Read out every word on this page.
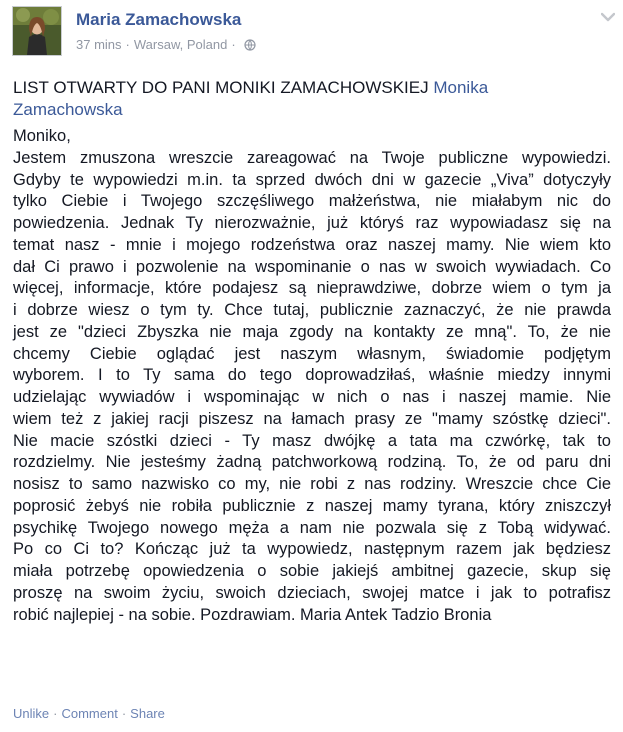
Maria Zamachowska
37 mins · Warsaw, Poland ·
LIST OTWARTY DO PANI MONIKI ZAMACHOWSKIEJ Monika
Zamachowska
Moniko,
Jestem zmuszona wreszcie zareagować na Twoje publiczne wypowiedzi.
Gdyby te wypowiedzi m.in. ta sprzed dwóch dni w gazecie „Viva” dotyczyły
tylko Ciebie i Twojego szczęśliwego małżeństwa, nie miałabym nic do
powiedzenia. Jednak Ty nierozważnie, już któryś raz wypowiadasz się na
temat nasz - mnie i mojego rodzeństwa oraz naszej mamy. Nie wiem kto
dał Ci prawo i pozwolenie na wspominanie o nas w swoich wywiadach. Co
więcej, informacje, które podajesz są nieprawdziwe, dobrze wiem o tym ja
i dobrze wiesz o tym ty. Chce tutaj, publicznie zaznaczyć, że nie prawda
jest ze "dzieci Zbyszka nie maja zgody na kontakty ze mną". To, że nie
chcemy Ciebie oglądać jest naszym własnym, świadomie podjętym
wyborem. I to Ty sama do tego doprowadziłaś, właśnie miedzy innymi
udzielając wywiadów i wspominając w nich o nas i naszej mamie. Nie
wiem też z jakiej racji piszesz na łamach prasy ze "mamy szóstkę dzieci".
Nie macie szóstki dzieci - Ty masz dwójkę a tata ma czwórkę, tak to
rozdzielmy. Nie jesteśmy żadną patchworkową rodziną. To, że od paru dni
nosisz to samo nazwisko co my, nie robi z nas rodziny. Wreszcie chce Cie
poprosić żebyś nie robiła publicznie z naszej mamy tyrana, który zniszczył
psychikę Twojego nowego męża a nam nie pozwala się z Tobą widywać.
Po co Ci to? Kończąc już ta wypowiedz, następnym razem jak będziesz
miała potrzebę opowiedzenia o sobie jakiejś ambitnej gazecie, skup się
proszę na swoim życiu, swoich dzieciach, swojej matce i jak to potrafisz
robić najlepiej - na sobie. Pozdrawiam. Maria Antek Tadzio Bronia
Unlike · Comment · Share
